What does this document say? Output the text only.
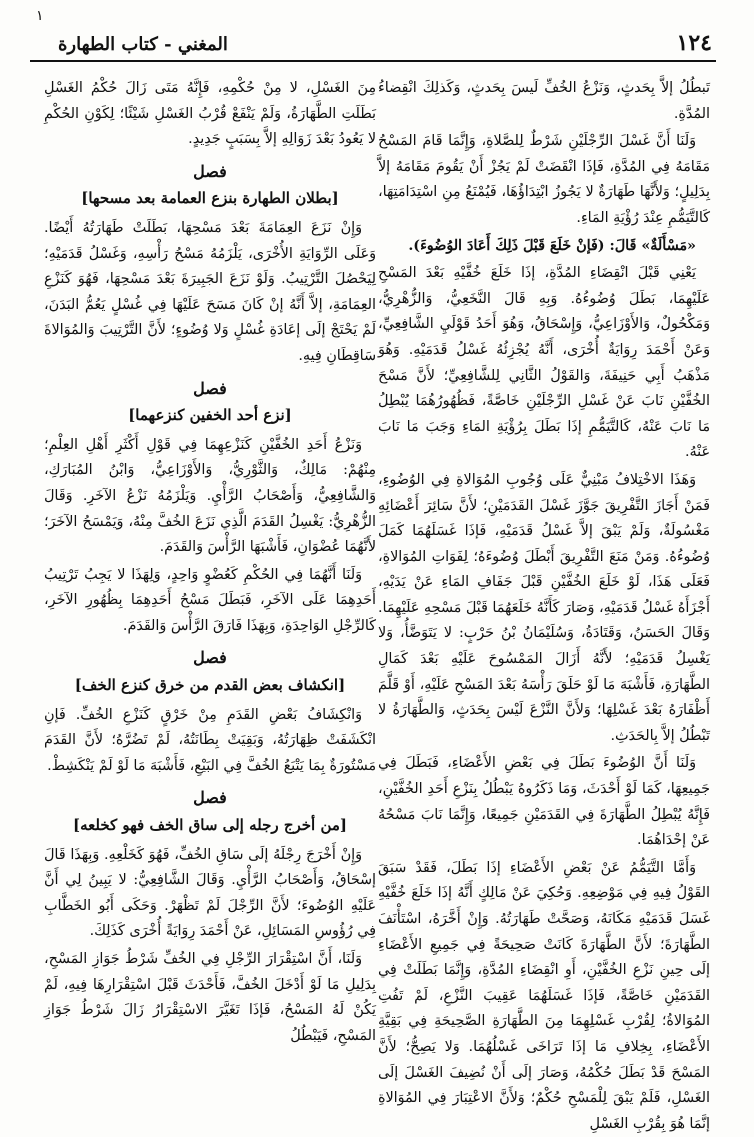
١
١٢٤
المغني - كتاب الطهارة

تَبطُلُ إلاَّ بِحَدثٍ، وَنَزْعُ الخُفِّ لَيسَ بِحَدثٍ، وَكَذلِكَ انْقِضاءُ المُدَّةِ.

وَلَنَا أَنَّ غَسْلَ الرِّجْلَيْنِ شَرْطٌ لِلصَّلاةِ، وَإِنَّمَا قَامَ المَسْحُ مَقَامَهُ فِي المُدَّةِ، فَإذَا انْقَضَتْ لَمْ يَجُزْ أَنْ يَقُومَ مَقَامَهُ إلاَّ بِدَلِيلٍ؛ وَلأَنَّهَا طَهَارَةٌ لا يَجُوزُ ابْتِدَاؤُهَا، فَيُمْنَعُ مِنِ اسْتِدَامَتِهَا، كَالتَّيَمُّمِ عِنْدَ رُؤْيَةِ المَاءِ.

«مَسْأَلَةٌ» قَالَ: (فَإنْ خَلَعَ قَبْلَ ذَلِكَ أَعَادَ الوُضُوءَ).

يَعْنِي قَبْلَ انْقِضَاءِ المُدَّةِ، إذَا خَلَعَ خُفَّيْهِ بَعْدَ المَسْحِ عَلَيْهِمَا، بَطَلَ وُضُوءُهُ. وَبِهِ قَالَ النَّخَعِيُّ، وَالزُّهْرِيُّ، وَمَكْحُولٌ، وَالأَوْزَاعِيُّ، وَإِسْحَاقُ، وَهُوَ أَحَدُ قَوْلَيِ الشَّافِعِيِّ، وَعَنْ أَحْمَدَ رِوَايَةٌ أُخْرَى، أَنَّهُ يُجْزِئُهُ غَسْلُ قَدَمَيْهِ. وَهُوَ مَذْهَبُ أَبِي حَنِيفَةَ، وَالقَوْلُ الثَّانِي لِلشَّافِعِيِّ؛ لأَنَّ مَسْحَ الخُفَّيْنِ نَابَ عَنْ غَسْلِ الرِّجْلَيْنِ خَاصَّةً، فَظُهُورُهُمَا يُبْطِلُ مَا نَابَ عَنْهُ، كَالتَّيَمُّمِ إذَا بَطَلَ بِرُؤْيَةِ المَاءِ وَجَبَ مَا نَابَ عَنْهُ.

وَهَذَا الاخْتِلافُ مَبْنِيٌّ عَلَى وُجُوبِ المُوَالاةِ فِي الوُضُوءِ، فَمَنْ أَجَازَ التَّفْرِيقَ جَوَّزَ غَسْلَ القَدَمَيْنِ؛ لأَنَّ سَائِرَ أَعْضَائِهِ مَغْسُولَةٌ، وَلَمْ يَبْقَ إلاَّ غَسْلُ قَدَمَيْهِ، فَإذَا غَسَلَهُمَا كَمَلَ وُضُوءُهُ. وَمَنْ مَنَعَ التَّفْرِيقَ أَبْطَلَ وُضُوءَهُ؛ لِفَوَاتِ المُوَالاةِ، فَعَلَى هَذَا، لَوْ خَلَعَ الخُفَّيْنِ قَبْلَ جَفَافِ المَاءِ عَنْ يَدَيْهِ، أَجْزَأَهُ غَسْلُ قَدَمَيْهِ، وَصَارَ كَأَنَّهُ خَلَعَهُمَا قَبْلَ مَسْحِهِ عَلَيْهِمَا. وَقَالَ الحَسَنُ، وَقَتَادَةُ، وَسُلَيْمَانُ بْنُ حَرْبٍ: لا يَتَوَضَّأُ، وَلا يَغْسِلُ قَدَمَيْهِ؛ لأَنَّهُ أَزَالَ المَمْسُوحَ عَلَيْهِ بَعْدَ كَمَالِ الطَّهَارَةِ، فَأَشْبَهَ مَا لَوْ حَلَقَ رَأْسَهُ بَعْدَ المَسْحِ عَلَيْهِ، أَوْ قَلَّمَ أَظْفَارَهُ بَعْدَ غَسْلِهَا؛ وَلأَنَّ النَّزْعَ لَيْسَ بِحَدَثٍ، وَالطَّهَارَةُ لا تَبْطُلُ إلاَّ بِالحَدَثِ.

وَلَنَا أَنَّ الوُضُوءَ بَطَلَ فِي بَعْضِ الأَعْضَاءِ، فَبَطَلَ فِي جَمِيعِهَا، كَمَا لَوْ أَحْدَثَ، وَمَا ذَكَرُوهُ يَبْطُلُ بِنَزْعِ أَحَدِ الخُفَّيْنِ، فَإِنَّهُ يُبْطِلُ الطَّهَارَةَ فِي القَدَمَيْنِ جَمِيعًا، وَإِنَّمَا نَابَ مَسْحُهُ عَنْ إحْدَاهُمَا.

وَأَمَّا التَّيَمُّمُ عَنْ بَعْضِ الأَعْضَاءِ إذَا بَطَلَ، فَقَدْ سَبَقَ القَوْلُ فِيهِ فِي مَوْضِعِهِ. وَحُكِيَ عَنْ مَالِكٍ أَنَّهُ إذَا خَلَعَ خُفَّيْهِ غَسَلَ قَدَمَيْهِ مَكَانَهُ، وَصَحَّتْ طَهَارَتُهُ. وَإِنْ أَخَّرَهُ، اسْتَأْنَفَ الطَّهَارَةَ؛ لأَنَّ الطَّهَارَةَ كَانَتْ صَحِيحَةً فِي جَمِيعِ الأَعْضَاءِ إلَى حِينِ نَزْعِ الخُفَّيْنِ، أَوِ انْقِضَاءِ المُدَّةِ، وَإِنَّمَا بَطَلَتْ فِي القَدَمَيْنِ خَاصَّةً، فَإذَا غَسَلَهُمَا عَقِيبَ النَّزْعِ، لَمْ تَفُتِ المُوَالاةُ؛ لِقُرْبِ غَسْلِهِمَا مِنَ الطَّهَارَةِ الصَّحِيحَةِ فِي بَقِيَّةِ الأَعْضَاءِ، بِخِلافِ مَا إذَا تَرَاخَى غَسْلُهُمَا. وَلا يَصِحُّ؛ لأَنَّ المَسْحَ قَدْ بَطَلَ حُكْمُهُ، وَصَارَ إلَى أَنْ نُضِيفَ الغَسْلَ إلَى الغَسْلِ، فَلَمْ يَبْقَ لِلْمَسْحِ حُكْمٌ؛ وَلأَنَّ الاعْتِبَارَ فِي المُوَالاةِ إنَّمَا هُوَ بِقُرْبِ الغَسْلِ

مِنَ الغَسْلِ، لا مِنْ حُكْمِهِ، فَإِنَّهُ مَتَى زَالَ حُكْمُ الغَسْلِ بَطَلَتِ الطَّهَارَةُ، وَلَمْ يَنْفَعْ قُرْبُ الغَسْلِ شَيْئًا؛ لِكَوْنِ الحُكْمِ لا يَعُودُ بَعْدَ زَوَالِهِ إلاَّ بِسَبَبٍ جَدِيدٍ.

فصل
[بطلان الطهارة بنزع العمامة بعد مسحها]

وَإِنْ نَزَعَ العِمَامَةَ بَعْدَ مَسْحِهَا، بَطَلَتْ طَهَارَتُهُ أَيْضًا. وَعَلَى الرِّوَايَةِ الأُخْرَى، يَلْزَمُهُ مَسْحُ رَأْسِهِ، وَغَسْلُ قَدَمَيْهِ؛ لِيَحْصُلَ التَّرْتِيبُ. وَلَوْ نَزَعَ الجَبِيرَةَ بَعْدَ مَسْحِهَا، فَهُوَ كَنَزْعِ العِمَامَةِ، إلاَّ أَنَّهُ إنْ كَانَ مَسَحَ عَلَيْهَا فِي غُسْلٍ يَعُمُّ البَدَنَ، لَمْ يَحْتَجْ إلَى إعَادَةِ غُسْلٍ وَلا وُضُوءٍ؛ لأَنَّ التَّرْتِيبَ وَالمُوَالاةَ سَاقِطَانِ فِيهِ.

فصل
[نزع أحد الخفين كنزعهما]

وَنَزْعُ أَحَدِ الخُفَّيْنِ كَنَزْعِهِمَا فِي قَوْلِ أَكْثَرِ أَهْلِ العِلْمِ؛ مِنْهُمْ: مَالِكٌ، وَالثَّوْرِيُّ، وَالأَوْزَاعِيُّ، وَابْنُ المُبَارَكِ، وَالشَّافِعِيُّ، وَأَصْحَابُ الرَّأْيِ. وَيَلْزَمُهُ نَزْعُ الآخَرِ. وَقَالَ الزُّهْرِيُّ: يَغْسِلُ القَدَمَ الَّذِي نَزَعَ الخُفَّ مِنْهُ، وَيَمْسَحُ الآخَرَ؛ لأَنَّهُمَا عُضْوَانِ، فَأَشْبَهَا الرَّأْسَ وَالقَدَمَ.

وَلَنَا أَنَّهُمَا فِي الحُكْمِ كَعُضْوٍ وَاحِدٍ، وَلِهَذَا لا يَجِبُ تَرْتِيبُ أَحَدِهِمَا عَلَى الآخَرِ، فَبَطَلَ مَسْحُ أَحَدِهِمَا بِظُهُورِ الآخَرِ، كَالرِّجْلِ الوَاحِدَةِ، وَبِهَذَا فَارَقَ الرَّأْسَ وَالقَدَمَ.

فصل
[انكشاف بعض القدم من خرق كنزع الخف]

وَانْكِشَافُ بَعْضِ القَدَمِ مِنْ خَرْقٍ كَنَزْعِ الخُفِّ. فَإنِ انْكَشَفَتْ ظِهَارَتُهُ، وَبَقِيَتْ بِطَانَتُهُ، لَمْ تَضُرَّهُ؛ لأَنَّ القَدَمَ مَسْتُورَةٌ بِمَا يَتْبَعُ الخُفَّ فِي البَيْعِ، فَأَشْبَهَ مَا لَوْ لَمْ يَنْكَشِطْ.

فصل
[من أخرج رجله إلى ساق الخف فهو كخلعه]

وَإِنْ أَخْرَجَ رِجْلَهُ إلَى سَاقِ الخُفِّ، فَهُوَ كَخَلْعِهِ. وَبِهَذَا قَالَ إسْحَاقُ، وَأَصْحَابُ الرَّأْيِ. وَقَالَ الشَّافِعِيُّ: لا يَبِينُ لِي أَنَّ عَلَيْهِ الوُضُوءَ؛ لأَنَّ الرِّجْلَ لَمْ تَظْهَرْ. وَحَكَى أَبُو الخَطَّابِ فِي رُؤُوسِ المَسَائِلِ، عَنْ أَحْمَدَ رِوَايَةً أُخْرَى كَذَلِكَ.

وَلَنَا، أَنَّ اسْتِقْرَارَ الرِّجْلِ فِي الخُفِّ شَرْطُ جَوَازِ المَسْحِ، بِدَلِيلِ مَا لَوْ أَدْخَلَ الخُفَّ، فَأَحْدَثَ قَبْلَ اسْتِقْرَارِهَا فِيهِ، لَمْ يَكُنْ لَهُ المَسْحُ، فَإذَا تَغَيَّرَ الاسْتِقْرَارُ زَالَ شَرْطُ جَوَازِ المَسْحِ، فَيَبْطُلُ
